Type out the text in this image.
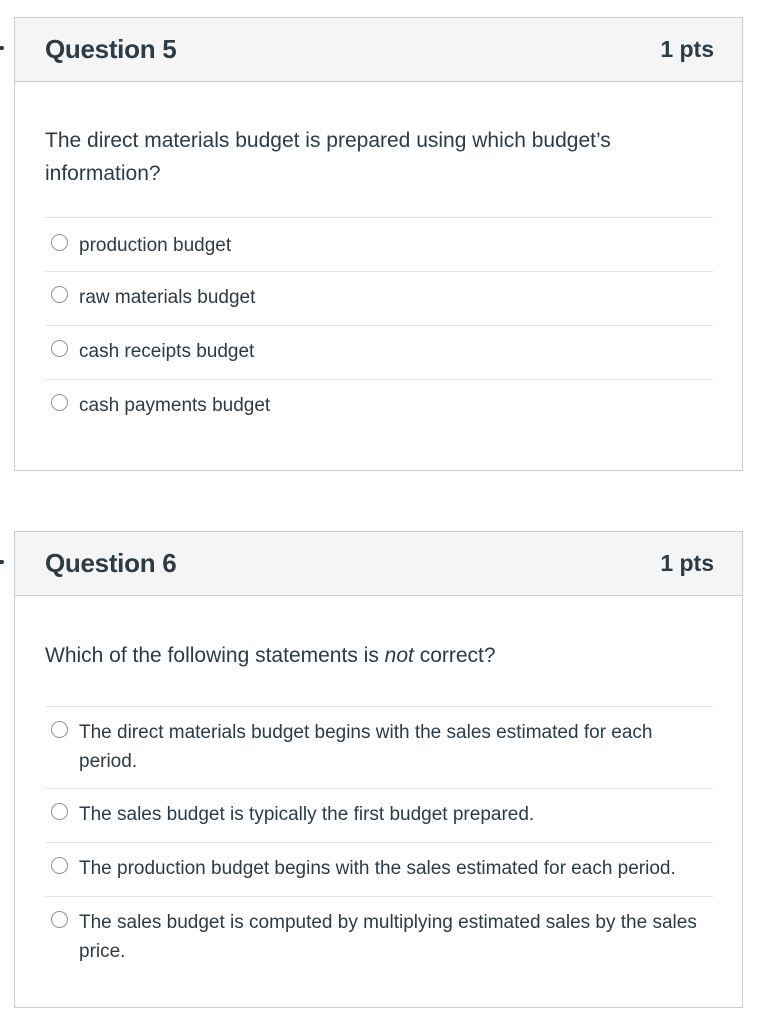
Question 5	1 pts

The direct materials budget is prepared using which budget’s information?

production budget
raw materials budget
cash receipts budget
cash payments budget
Question 6	1 pts

Which of the following statements is not correct?

The direct materials budget begins with the sales estimated for each period.
The sales budget is typically the first budget prepared.
The production budget begins with the sales estimated for each period.
The sales budget is computed by multiplying estimated sales by the sales price.
